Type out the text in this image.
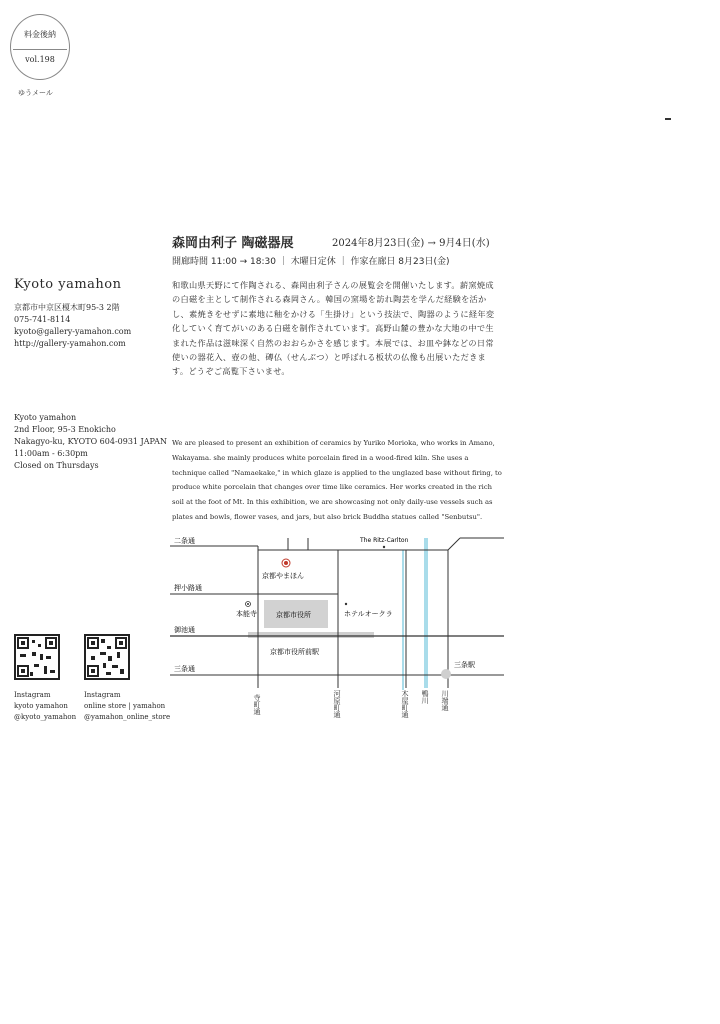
料金後納
vol.198
ゆうメール
Kyoto yamahon
京都市中京区榎木町95-3 2階
075-741-8114
kyoto@gallery-yamahon.com
http://gallery-yamahon.com
Kyoto yamahon
2nd Floor, 95-3 Enokicho
Nakagyo-ku, KYOTO 604-0931 JAPAN
11:00am - 6:30pm
Closed on Thursdays
森岡由利子 陶磁器展	2024年8月23日(金) → 9月4日(水)
開廊時間 11:00 → 18:30 ｜ 木曜日定休 ｜ 作家在廊日 8月23日(金)
和歌山県天野にて作陶される、森岡由利子さんの展覧会を開催いたします。薪窯焼成の白磁を主として制作される森岡さん。韓国の窯場を訪れ陶芸を学んだ経験を活かし、素焼きをせずに素地に釉をかける「生掛け」という技法で、陶器のように経年変化していく育てがいのある白磁を制作されています。高野山麓の豊かな大地の中で生まれた作品は滋味深く自然のおおらかさを感じます。本展では、お皿や鉢などの日常使いの器花入、壺の他、磚仏（せんぶつ）と呼ばれる板状の仏像も出展いただきます。どうぞご高覧下さいませ。
We are pleased to present an exhibition of ceramics by Yuriko Morioka, who works in Amano, Wakayama. she mainly produces white porcelain fired in a wood-fired kiln. She uses a technique called "Namaekake," in which glaze is applied to the unglazed base without firing, to produce white porcelain that changes over time like ceramics. Her works created in the rich soil at the foot of Mt. In this exhibition, we are showcasing not only daily-use vessels such as plates and bowls, flower vases, and jars, but also brick Buddha statues called "Senbutsu".
二条通
押小路通
御池通
三条通
The Ritz-Carlton
京都やまほん
本能寺	京都市役所	ホテルオークラ
京都市役所前駅
三条駅
寺町通	河原町通	木屋町通 鴨川 川端通
Instagram
kyoto yamahon
@kyoto_yamahon
Instagram
online store | yamahon
@yamahon_online_store
